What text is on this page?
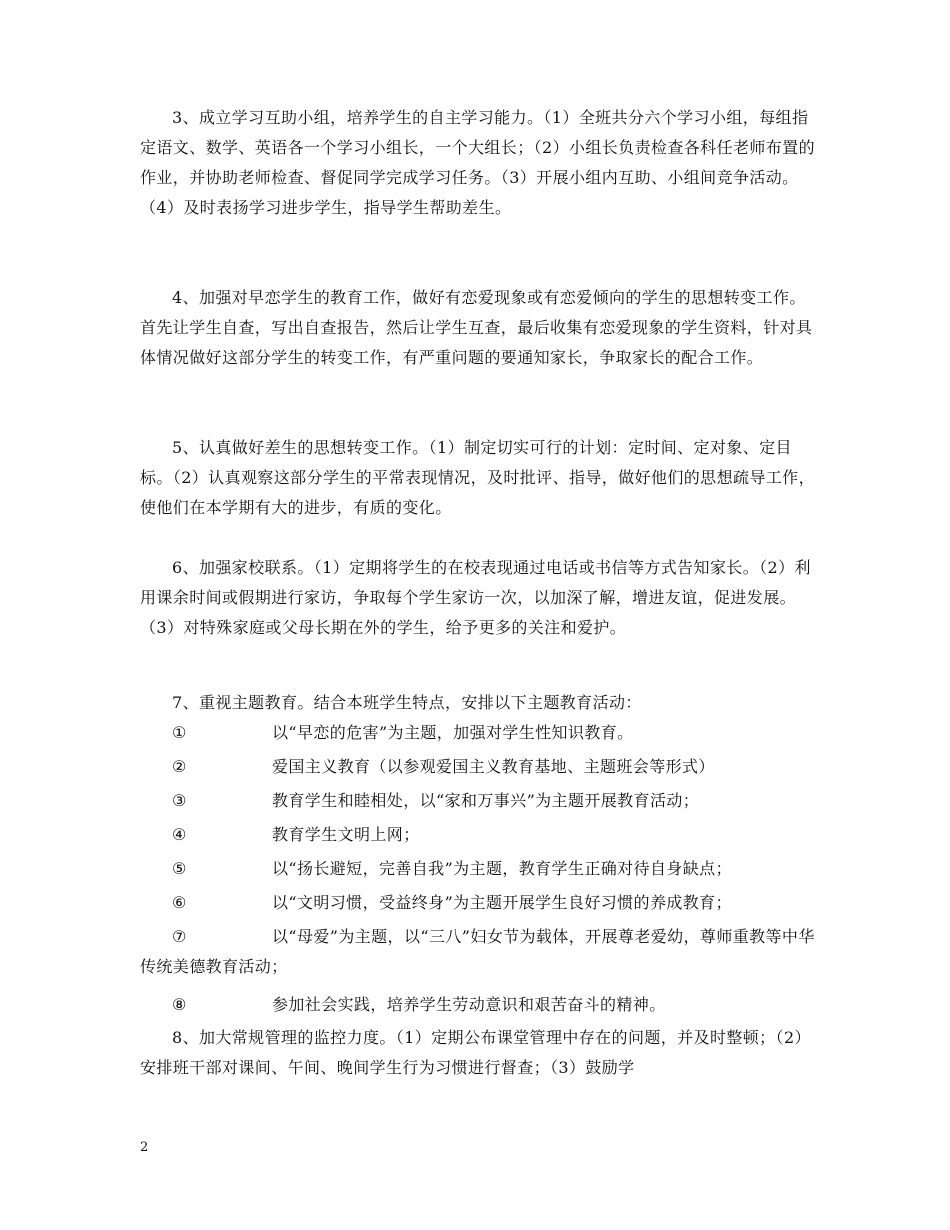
3、成立学习互助小组，培养学生的自主学习能力。（1）全班共分六个学习小组，每组指定语文、数学、英语各一个学习小组长，一个大组长；（2）小组长负责检查各科任老师布置的作业，并协助老师检查、督促同学完成学习任务。（3）开展小组内互助、小组间竞争活动。（4）及时表扬学习进步学生，指导学生帮助差生。

4、加强对早恋学生的教育工作，做好有恋爱现象或有恋爱倾向的学生的思想转变工作。首先让学生自查，写出自查报告，然后让学生互查，最后收集有恋爱现象的学生资料，针对具体情况做好这部分学生的转变工作，有严重问题的要通知家长，争取家长的配合工作。

5、认真做好差生的思想转变工作。（1）制定切实可行的计划：定时间、定对象、定目标。（2）认真观察这部分学生的平常表现情况，及时批评、指导，做好他们的思想疏导工作，使他们在本学期有大的进步，有质的变化。

6、加强家校联系。（1）定期将学生的在校表现通过电话或书信等方式告知家长。（2）利用课余时间或假期进行家访，争取每个学生家访一次，以加深了解，增进友谊，促进发展。（3）对特殊家庭或父母长期在外的学生，给予更多的关注和爱护。

7、重视主题教育。结合本班学生特点，安排以下主题教育活动：

①	以“早恋的危害”为主题，加强对学生性知识教育。
②	爱国主义教育（以参观爱国主义教育基地、主题班会等形式）
③	教育学生和睦相处，以“家和万事兴”为主题开展教育活动；
④	教育学生文明上网；
⑤	以“扬长避短，完善自我”为主题，教育学生正确对待自身缺点；
⑥	以“文明习惯，受益终身”为主题开展学生良好习惯的养成教育；
⑦	以“母爱”为主题，以“三八”妇女节为载体，开展尊老爱幼，尊师重教等中华传统美德教育活动；
⑧	参加社会实践，培养学生劳动意识和艰苦奋斗的精神。

8、加大常规管理的监控力度。（1）定期公布课堂管理中存在的问题，并及时整顿；（2）安排班干部对课间、午间、晚间学生行为习惯进行督查；（3）鼓励学

2
